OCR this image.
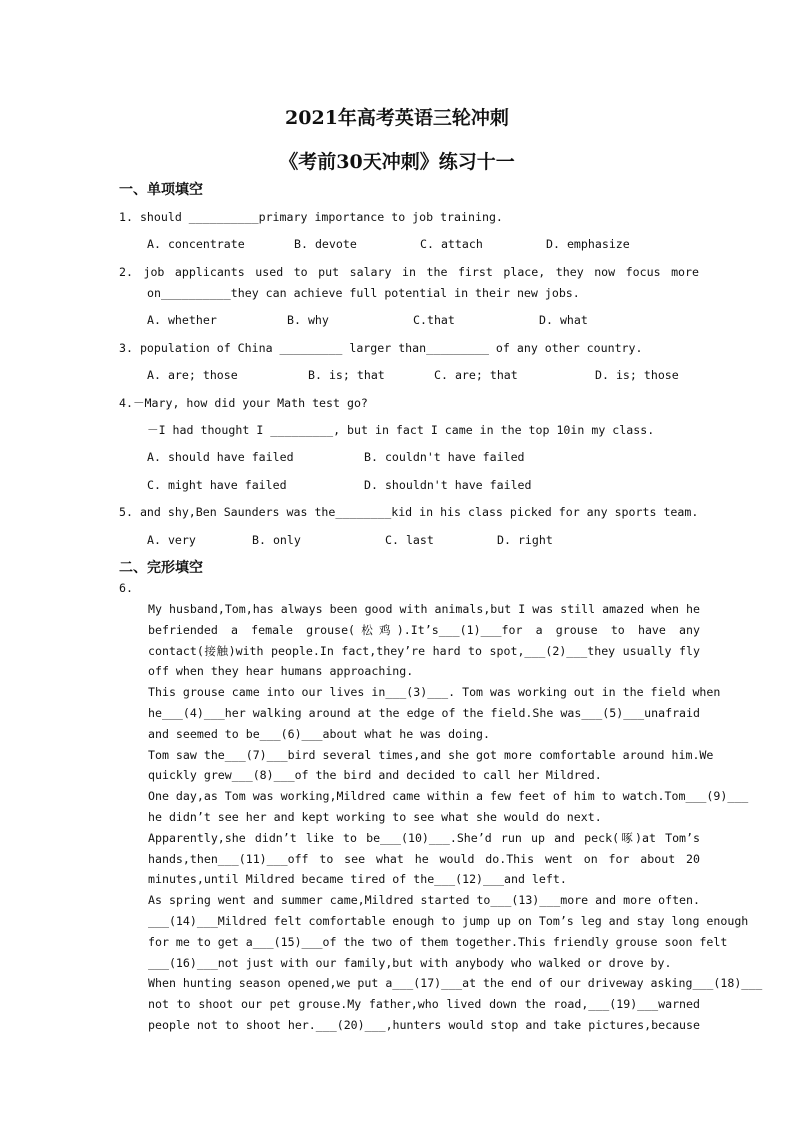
2021年高考英语三轮冲刺
《考前30天冲刺》练习十一
一、单项填空
1. should __________primary importance to job training.
A. concentrate	B. devote	C. attach	D. emphasize
2. job applicants used to put salary in the first place, they now focus more
on__________they can achieve full potential in their new jobs.
A. whether	B. why	C.that	D. what
3. population of China _________ larger than_________ of any other country.
A. are; those	B. is; that	C. are; that	D. is; those
4.－Mary, how did your Math test go?
－I had thought I _________, but in fact I came in the top 10in my class.
A. should have failed	B. couldn't have failed
C. might have failed	D. shouldn't have failed
5. and shy,Ben Saunders was the________kid in his class picked for any sports team.
A. very	B. only	C. last	D. right
二、完形填空
6.
My husband,Tom,has always been good with animals,but I was still amazed when he
befriended a female grouse(松鸡).It’s___(1)___for a grouse to have any
contact(接触)with people.In fact,they’re hard to spot,___(2)___they usually fly
off when they hear humans approaching.
This grouse came into our lives in___(3)___. Tom was working out in the field when
he___(4)___her walking around at the edge of the field.She was___(5)___unafraid
and seemed to be___(6)___about what he was doing.
Tom saw the___(7)___bird several times,and she got more comfortable around him.We
quickly grew___(8)___of the bird and decided to call her Mildred.
One day,as Tom was working,Mildred came within a few feet of him to watch.Tom___(9)___
he didn’t see her and kept working to see what she would do next.
Apparently,she didn’t like to be___(10)___.She’d run up and peck(啄)at Tom’s
hands,then___(11)___off to see what he would do.This went on for about 20
minutes,until Mildred became tired of the___(12)___and left.
As spring went and summer came,Mildred started to___(13)___more and more often.
___(14)___Mildred felt comfortable enough to jump up on Tom’s leg and stay long enough
for me to get a___(15)___of the two of them together.This friendly grouse soon felt
___(16)___not just with our family,but with anybody who walked or drove by.
When hunting season opened,we put a___(17)___at the end of our driveway asking___(18)___
not to shoot our pet grouse.My father,who lived down the road,___(19)___warned
people not to shoot her.___(20)___,hunters would stop and take pictures,because
